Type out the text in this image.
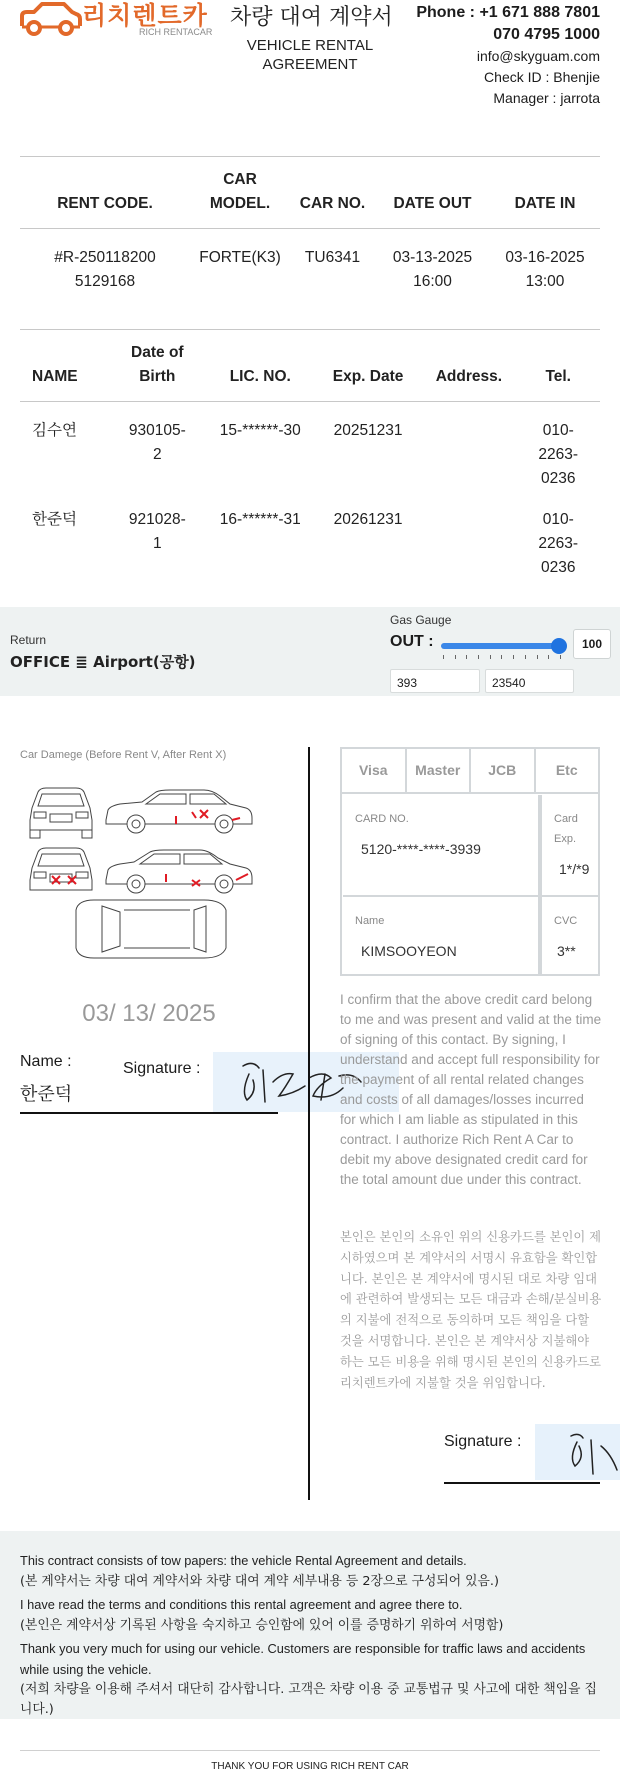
리치렌트카
RICH RENTACAR
차량 대여 계약서
VEHICLE RENTAL AGREEMENT
Phone : +1 671 888 7801
070 4795 1000
info@skyguam.com
Check ID : Bhenjie
Manager : jarrota
RENT CODE.	CAR MODEL.	CAR NO.	DATE OUT	DATE IN
#R-2501182005129168	FORTE(K3)	TU6341	03-13-2025 16:00	03-16-2025 13:00
NAME	Date of Birth	LIC. NO.	Exp. Date	Address.	Tel.
김수연	930105-2	15-******-30	20251231		010-2263-0236
한준덕	921028-1	16-******-31	20261231		010-2263-0236
Return
OFFICE ≣ Airport(공항)
Gas Gauge
OUT :	100
393	23540
Car Damege (Before Rent V, After Rent X)
03/ 13/ 2025
Name :
한준덕
Signature :
Visa	Master	JCB	Etc
CARD NO.
5120-****-****-3939
Card Exp.
1*/*9
Name
KIMSOOYEON
CVC
3**
I confirm that the above credit card belong to me and was present and valid at the time of signing of this contact. By signing, I understand and accept full responsibility for the payment of all rental related changes and costs of all damages/losses incurred for which I am liable as stipulated in this contract. I authorize Rich Rent A Car to debit my above designated credit card for the total amount due under this contract.
본인은 본인의 소유인 위의 신용카드를 본인이 제시하였으며 본 계약서의 서명시 유효함을 확인합니다. 본인은 본 계약서에 명시된 대로 차량 임대에 관련하여 발생되는 모든 대금과 손해/분실비용의 지불에 전적으로 동의하며 모든 책임을 다할 것을 서명합니다. 본인은 본 계약서상 지불해야 하는 모든 비용을 위해 명시된 본인의 신용카드로 리치렌트카에 지불할 것을 위임합니다.
Signature :

This contract consists of tow papers: the vehicle Rental Agreement and details.
(본 계약서는 차량 대여 계약서와 차량 대여 계약 세부내용 등 2장으로 구성되어 있음.)

I have read the terms and conditions this rental agreement and agree there to.
(본인은 계약서상 기록된 사항을 숙지하고 승인함에 있어 이를 증명하기 위하여 서명함)

Thank you very much for using our vehicle. Customers are responsible for traffic laws and accidents while using the vehicle.
(저희 차량을 이용해 주셔서 대단히 감사합니다. 고객은 차량 이용 중 교통법규 및 사고에 대한 책임을 집니다.)

THANK YOU FOR USING RICH RENT CAR
